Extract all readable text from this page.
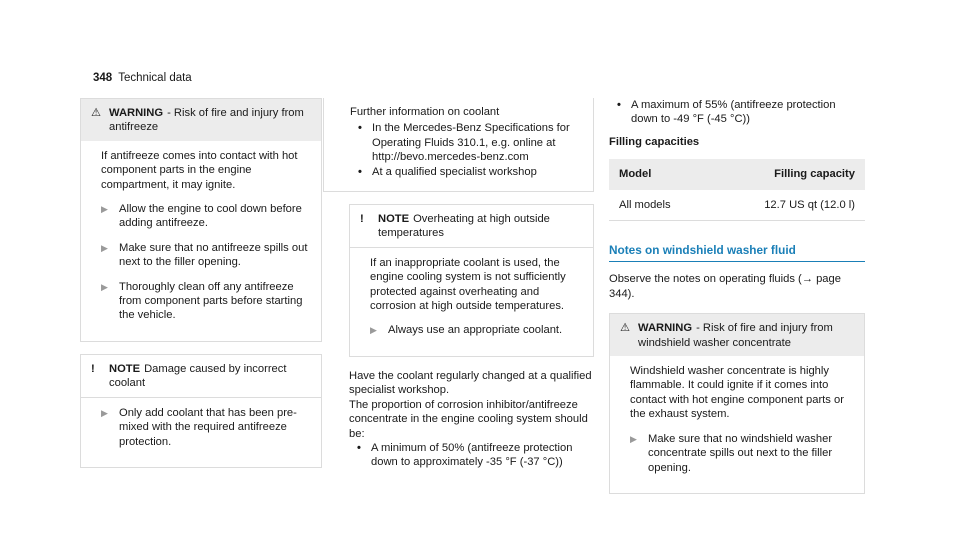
348 Technical data
⚠ WARNING - Risk of fire and injury from antifreeze

If antifreeze comes into contact with hot component parts in the engine compartment, it may ignite.

▶ Allow the engine to cool down before adding antifreeze.
▶ Make sure that no antifreeze spills out next to the filler opening.
▶ Thoroughly clean off any antifreeze from component parts before starting the vehicle.
!	NOTE Damage caused by incorrect coolant
▶ Only add coolant that has been pre-mixed with the required antifreeze protection.

Further information on coolant

• In the Mercedes-Benz Specifications for Operating Fluids 310.1, e.g. online at http://bevo.mercedes-benz.com
• At a qualified specialist workshop
!	NOTE Overheating at high outside temperatures

If an inappropriate coolant is used, the engine cooling system is not sufficiently protected against overheating and corrosion at high outside temperatures.

▶ Always use an appropriate coolant.

Have the coolant regularly changed at a qualified specialist workshop.

The proportion of corrosion inhibitor/antifreeze concentrate in the engine cooling system should be:

• A minimum of 50% (antifreeze protection down to approximately -35 °F (-37 °C))
• A maximum of 55% (antifreeze protection down to -49 °F (-45 °C))

Filling capacities

Model	Filling capacity
All models	12.7 US qt (12.0 l)
Notes on windshield washer fluid

Observe the notes on operating fluids (→ page 344).

⚠ WARNING - Risk of fire and injury from windshield washer concentrate

Windshield washer concentrate is highly flammable. It could ignite if it comes into contact with hot engine component parts or the exhaust system.

▶ Make sure that no windshield washer concentrate spills out next to the filler opening.
